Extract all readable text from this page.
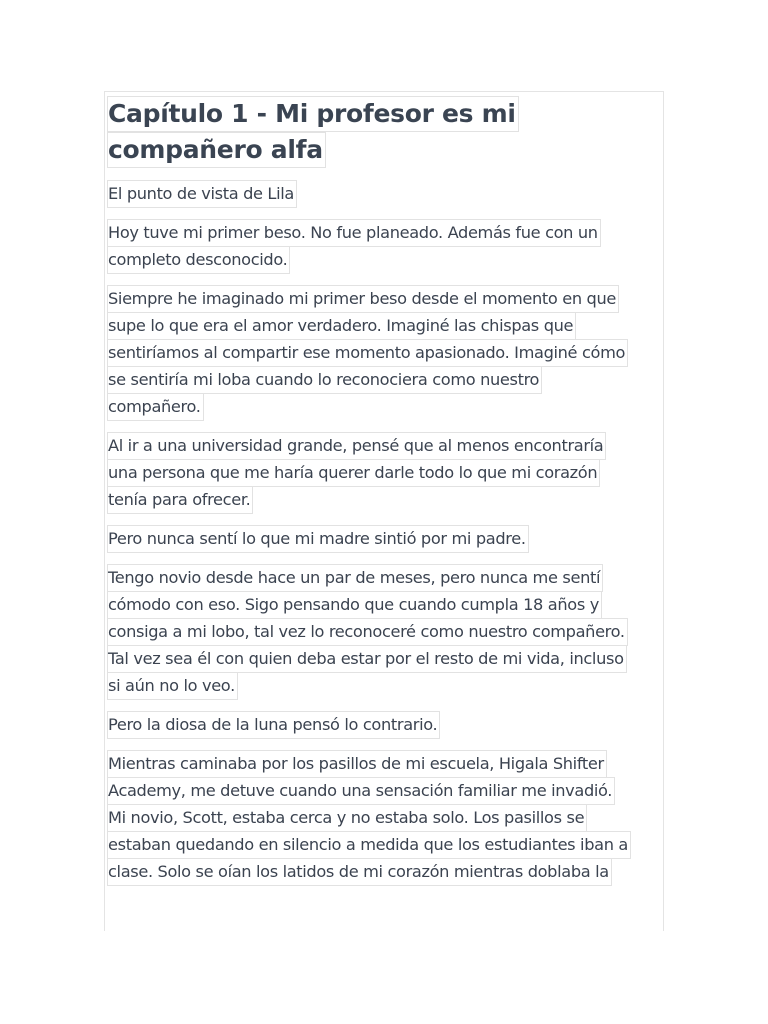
Capítulo 1 - Mi profesor es mi
compañero alfa

El punto de vista de Lila

Hoy tuve mi primer beso. No fue planeado. Además fue con un
completo desconocido.

Siempre he imaginado mi primer beso desde el momento en que
supe lo que era el amor verdadero. Imaginé las chispas que
sentiríamos al compartir ese momento apasionado. Imaginé cómo
se sentiría mi loba cuando lo reconociera como nuestro
compañero.

Al ir a una universidad grande, pensé que al menos encontraría
una persona que me haría querer darle todo lo que mi corazón
tenía para ofrecer.

Pero nunca sentí lo que mi madre sintió por mi padre.

Tengo novio desde hace un par de meses, pero nunca me sentí
cómodo con eso. Sigo pensando que cuando cumpla 18 años y
consiga a mi lobo, tal vez lo reconoceré como nuestro compañero.
Tal vez sea él con quien deba estar por el resto de mi vida, incluso
si aún no lo veo.

Pero la diosa de la luna pensó lo contrario.

Mientras caminaba por los pasillos de mi escuela, Higala Shifter
Academy, me detuve cuando una sensación familiar me invadió.
Mi novio, Scott, estaba cerca y no estaba solo. Los pasillos se
estaban quedando en silencio a medida que los estudiantes iban a
clase. Solo se oían los latidos de mi corazón mientras doblaba la
